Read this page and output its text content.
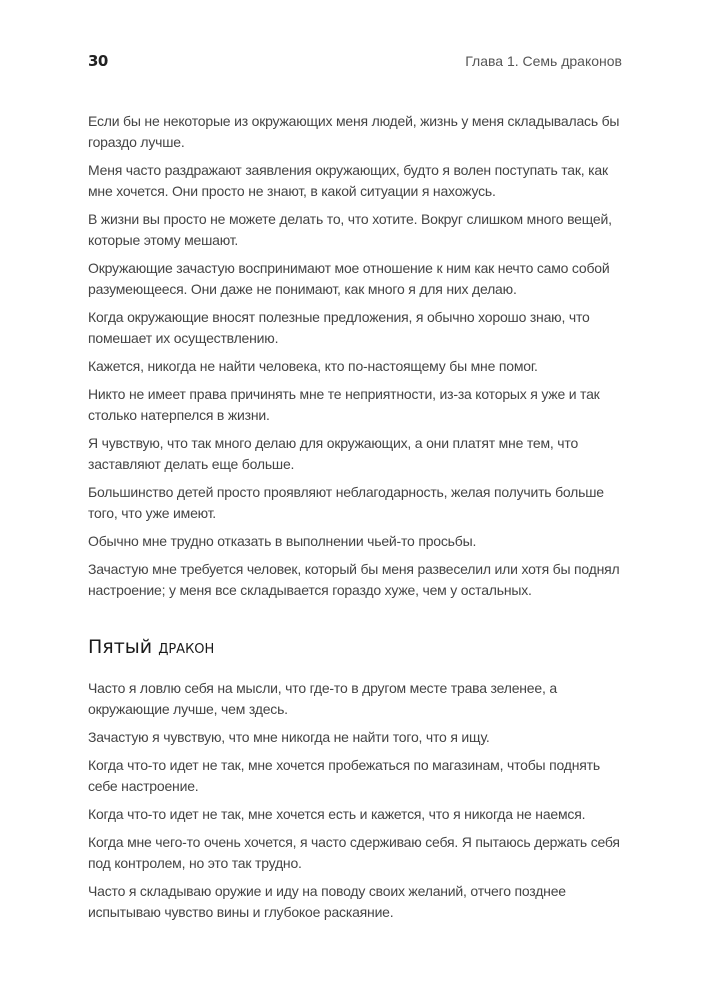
30	Глава 1. Семь драконов

Если бы не некоторые из окружающих меня людей, жизнь у меня складывалась бы гораздо лучше.

Меня часто раздражают заявления окружающих, будто я волен поступать так, как мне хочется. Они просто не знают, в какой ситуации я нахожусь.

В жизни вы просто не можете делать то, что хотите. Вокруг слишком много вещей, которые этому мешают.

Окружающие зачастую воспринимают мое отношение к ним как нечто само собой разумеющееся. Они даже не понимают, как много я для них делаю.

Когда окружающие вносят полезные предложения, я обычно хорошо знаю, что помешает их осуществлению.

Кажется, никогда не найти человека, кто по-настоящему бы мне помог.

Никто не имеет права причинять мне те неприятности, из-за которых я уже и так столько натерпелся в жизни.

Я чувствую, что так много делаю для окружающих, а они платят мне тем, что заставляют делать еще больше.

Большинство детей просто проявляют неблагодарность, желая получить больше того, что уже имеют.

Обычно мне трудно отказать в выполнении чьей-то просьбы.

Зачастую мне требуется человек, который бы меня развеселил или хотя бы поднял настроение; у меня все складывается гораздо хуже, чем у остальных.

Пятый дракон

Часто я ловлю себя на мысли, что где-то в другом месте трава зеленее, а окружающие лучше, чем здесь.

Зачастую я чувствую, что мне никогда не найти того, что я ищу.

Когда что-то идет не так, мне хочется пробежаться по магазинам, чтобы поднять себе настроение.

Когда что-то идет не так, мне хочется есть и кажется, что я никогда не наемся.

Когда мне чего-то очень хочется, я часто сдерживаю себя. Я пытаюсь держать себя под контролем, но это так трудно.

Часто я складываю оружие и иду на поводу своих желаний, отчего позднее испытываю чувство вины и глубокое раскаяние.
